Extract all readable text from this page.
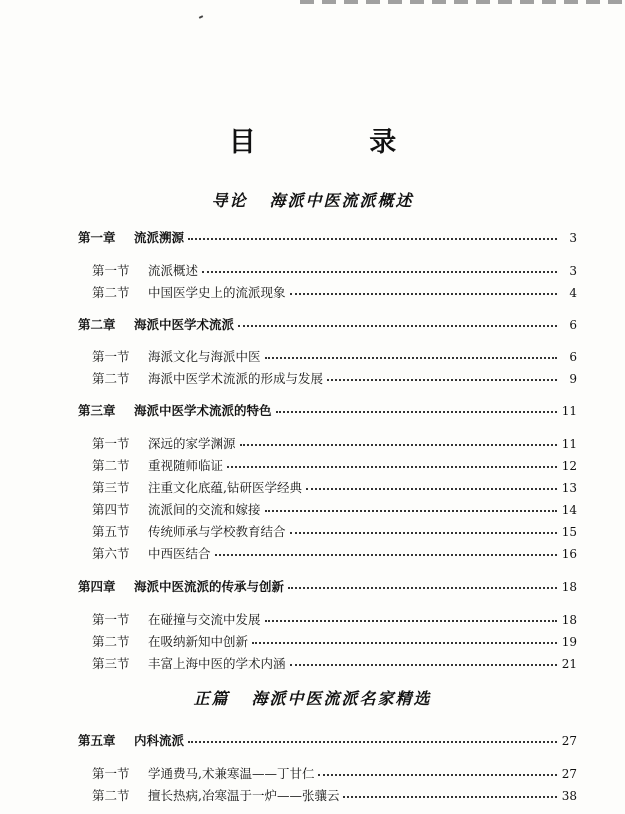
目 录
导论 海派中医流派概述
正篇 海派中医流派名家精选
第一章	流派溯源	3
第一节	流派概述	3
第二节	中国医学史上的流派现象	4
第二章	海派中医学术流派	6
第一节	海派文化与海派中医	6
第二节	海派中医学术流派的形成与发展	9
第三章	海派中医学术流派的特色	11
第一节	深远的家学渊源	11
第二节	重视随师临证	12
第三节	注重文化底蕴,钻研医学经典	13
第四节	流派间的交流和嫁接	14
第五节	传统师承与学校教育结合	15
第六节	中西医结合	16
第四章	海派中医流派的传承与创新	18
第一节	在碰撞与交流中发展	18
第二节	在吸纳新知中创新	19
第三节	丰富上海中医的学术内涵	21
第五章	内科流派	27
第一节	学通费马,术兼寒温——丁甘仁	27
第二节	擅长热病,冶寒温于一炉——张骧云	38
